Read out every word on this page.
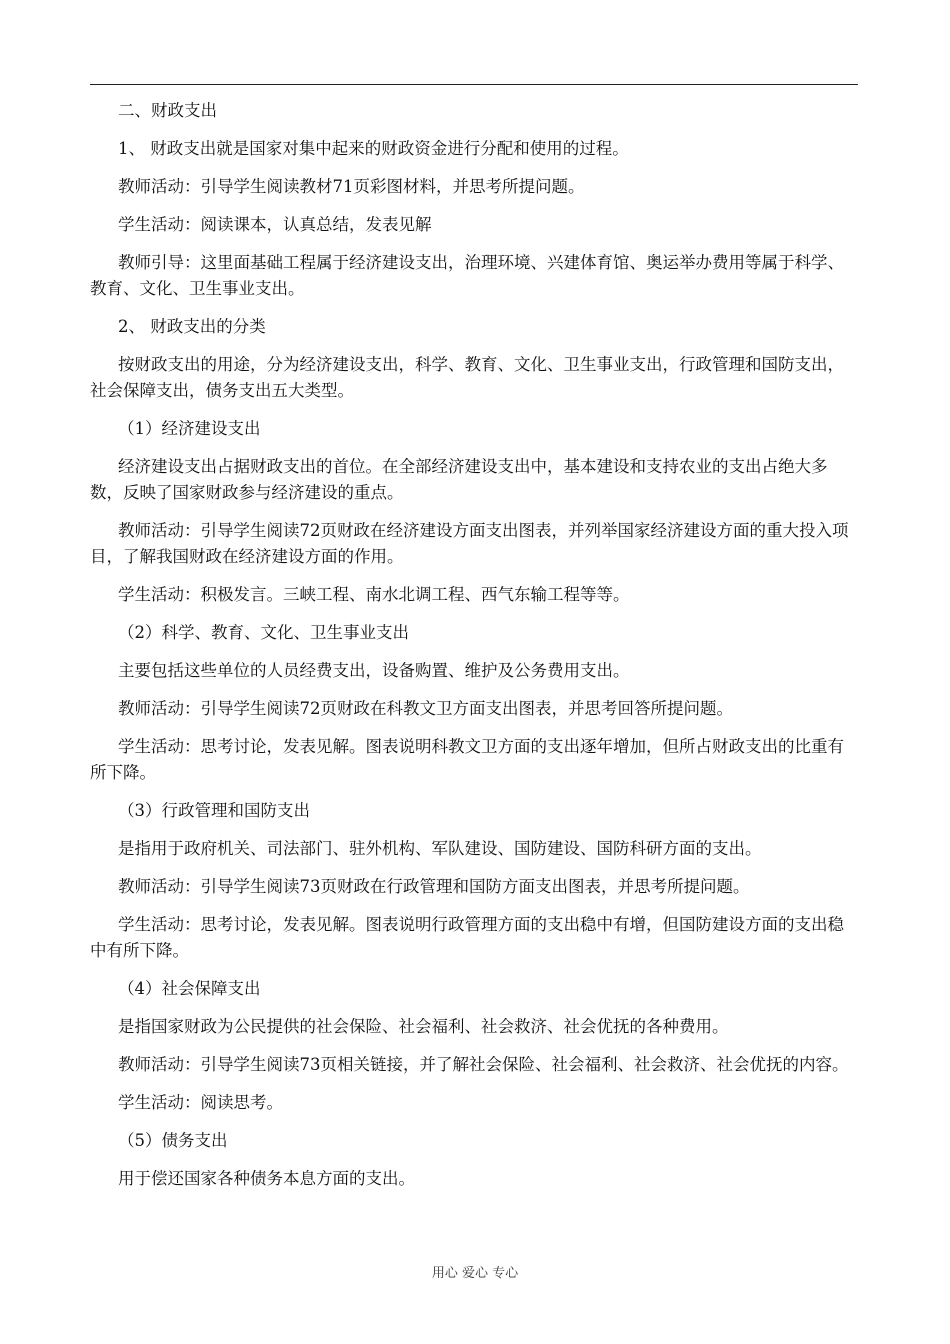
二、财政支出

1、 财政支出就是国家对集中起来的财政资金进行分配和使用的过程。

教师活动：引导学生阅读教材71页彩图材料，并思考所提问题。

学生活动：阅读课本，认真总结，发表见解

教师引导：这里面基础工程属于经济建设支出，治理环境、兴建体育馆、奥运举办费用等属于科学、教育、文化、卫生事业支出。

2、 财政支出的分类

按财政支出的用途，分为经济建设支出，科学、教育、文化、卫生事业支出，行政管理和国防支出，社会保障支出，债务支出五大类型。

（1）经济建设支出

经济建设支出占据财政支出的首位。在全部经济建设支出中，基本建设和支持农业的支出占绝大多数，反映了国家财政参与经济建设的重点。

教师活动：引导学生阅读72页财政在经济建设方面支出图表，并列举国家经济建设方面的重大投入项目，了解我国财政在经济建设方面的作用。

学生活动：积极发言。三峡工程、南水北调工程、西气东输工程等等。

（2）科学、教育、文化、卫生事业支出

主要包括这些单位的人员经费支出，设备购置、维护及公务费用支出。

教师活动：引导学生阅读72页财政在科教文卫方面支出图表，并思考回答所提问题。

学生活动：思考讨论，发表见解。图表说明科教文卫方面的支出逐年增加，但所占财政支出的比重有所下降。

（3）行政管理和国防支出

是指用于政府机关、司法部门、驻外机构、军队建设、国防建设、国防科研方面的支出。

教师活动：引导学生阅读73页财政在行政管理和国防方面支出图表，并思考所提问题。

学生活动：思考讨论，发表见解。图表说明行政管理方面的支出稳中有增，但国防建设方面的支出稳中有所下降。

（4）社会保障支出

是指国家财政为公民提供的社会保险、社会福利、社会救济、社会优抚的各种费用。

教师活动：引导学生阅读73页相关链接，并了解社会保险、社会福利、社会救济、社会优抚的内容。

学生活动：阅读思考。

（5）债务支出

用于偿还国家各种债务本息方面的支出。

用心 爱心 专心
